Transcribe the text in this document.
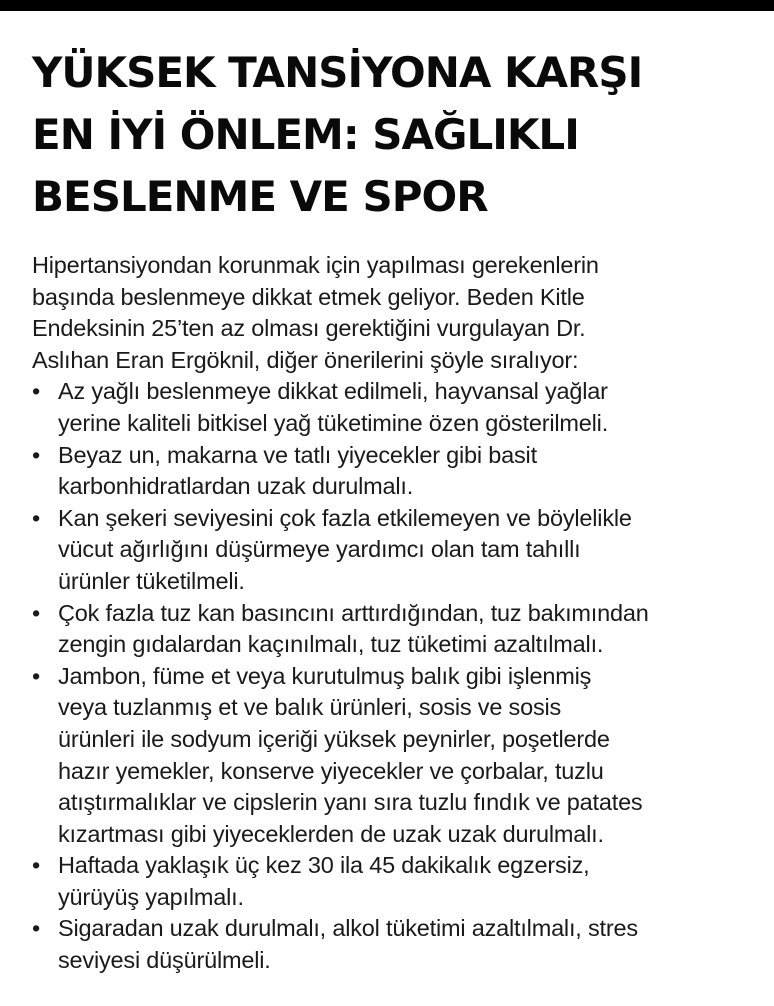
YÜKSEK TANSİYONA KARŞI
EN İYİ ÖNLEM: SAĞLIKLI
BESLENME VE SPOR

Hipertansiyondan korunmak için yapılması gerekenlerin
başında beslenmeye dikkat etmek geliyor. Beden Kitle
Endeksinin 25’ten az olması gerektiğini vurgulayan Dr.
Aslıhan Eran Ergöknil, diğer önerilerini şöyle sıralıyor:

• Az yağlı beslenmeye dikkat edilmeli, hayvansal yağlar
yerine kaliteli bitkisel yağ tüketimine özen gösterilmeli.
• Beyaz un, makarna ve tatlı yiyecekler gibi basit
karbonhidratlardan uzak durulmalı.
• Kan şekeri seviyesini çok fazla etkilemeyen ve böylelikle
vücut ağırlığını düşürmeye yardımcı olan tam tahıllı
ürünler tüketilmeli.
• Çok fazla tuz kan basıncını arttırdığından, tuz bakımından
zengin gıdalardan kaçınılmalı, tuz tüketimi azaltılmalı.
• Jambon, füme et veya kurutulmuş balık gibi işlenmiş
veya tuzlanmış et ve balık ürünleri, sosis ve sosis
ürünleri ile sodyum içeriği yüksek peynirler, poşetlerde
hazır yemekler, konserve yiyecekler ve çorbalar, tuzlu
atıştırmalıklar ve cipslerin yanı sıra tuzlu fındık ve patates
kızartması gibi yiyeceklerden de uzak uzak durulmalı.
• Haftada yaklaşık üç kez 30 ila 45 dakikalık egzersiz,
yürüyüş yapılmalı.
• Sigaradan uzak durulmalı, alkol tüketimi azaltılmalı, stres
seviyesi düşürülmeli.
